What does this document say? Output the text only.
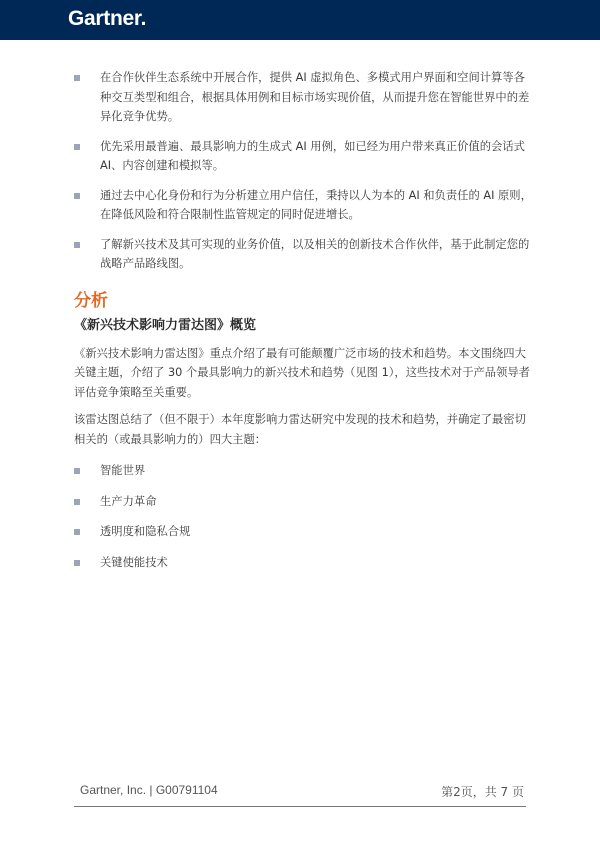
Gartner.
在合作伙伴生态系统中开展合作，提供 AI 虚拟角色、多模式用户界面和空间计算等各种交互类型和组合，根据具体用例和目标市场实现价值，从而提升您在智能世界中的差异化竞争优势。
优先采用最普遍、最具影响力的生成式 AI 用例，如已经为用户带来真正价值的会话式 AI、内容创建和模拟等。
通过去中心化身份和行为分析建立用户信任，秉持以人为本的 AI 和负责任的 AI 原则，在降低风险和符合限制性监管规定的同时促进增长。
了解新兴技术及其可实现的业务价值，以及相关的创新技术合作伙伴，基于此制定您的战略产品路线图。
分析
《新兴技术影响力雷达图》概览

《新兴技术影响力雷达图》重点介绍了最有可能颠覆广泛市场的技术和趋势。本文围绕四大关键主题，介绍了 30 个最具影响力的新兴技术和趋势（见图 1），这些技术对于产品领导者评估竞争策略至关重要。

该雷达图总结了（但不限于）本年度影响力雷达研究中发现的技术和趋势，并确定了最密切相关的（或最具影响力的）四大主题：

智能世界
生产力革命
透明度和隐私合规
关键使能技术
Gartner, Inc. | G00791104	第2页，共 7 页
